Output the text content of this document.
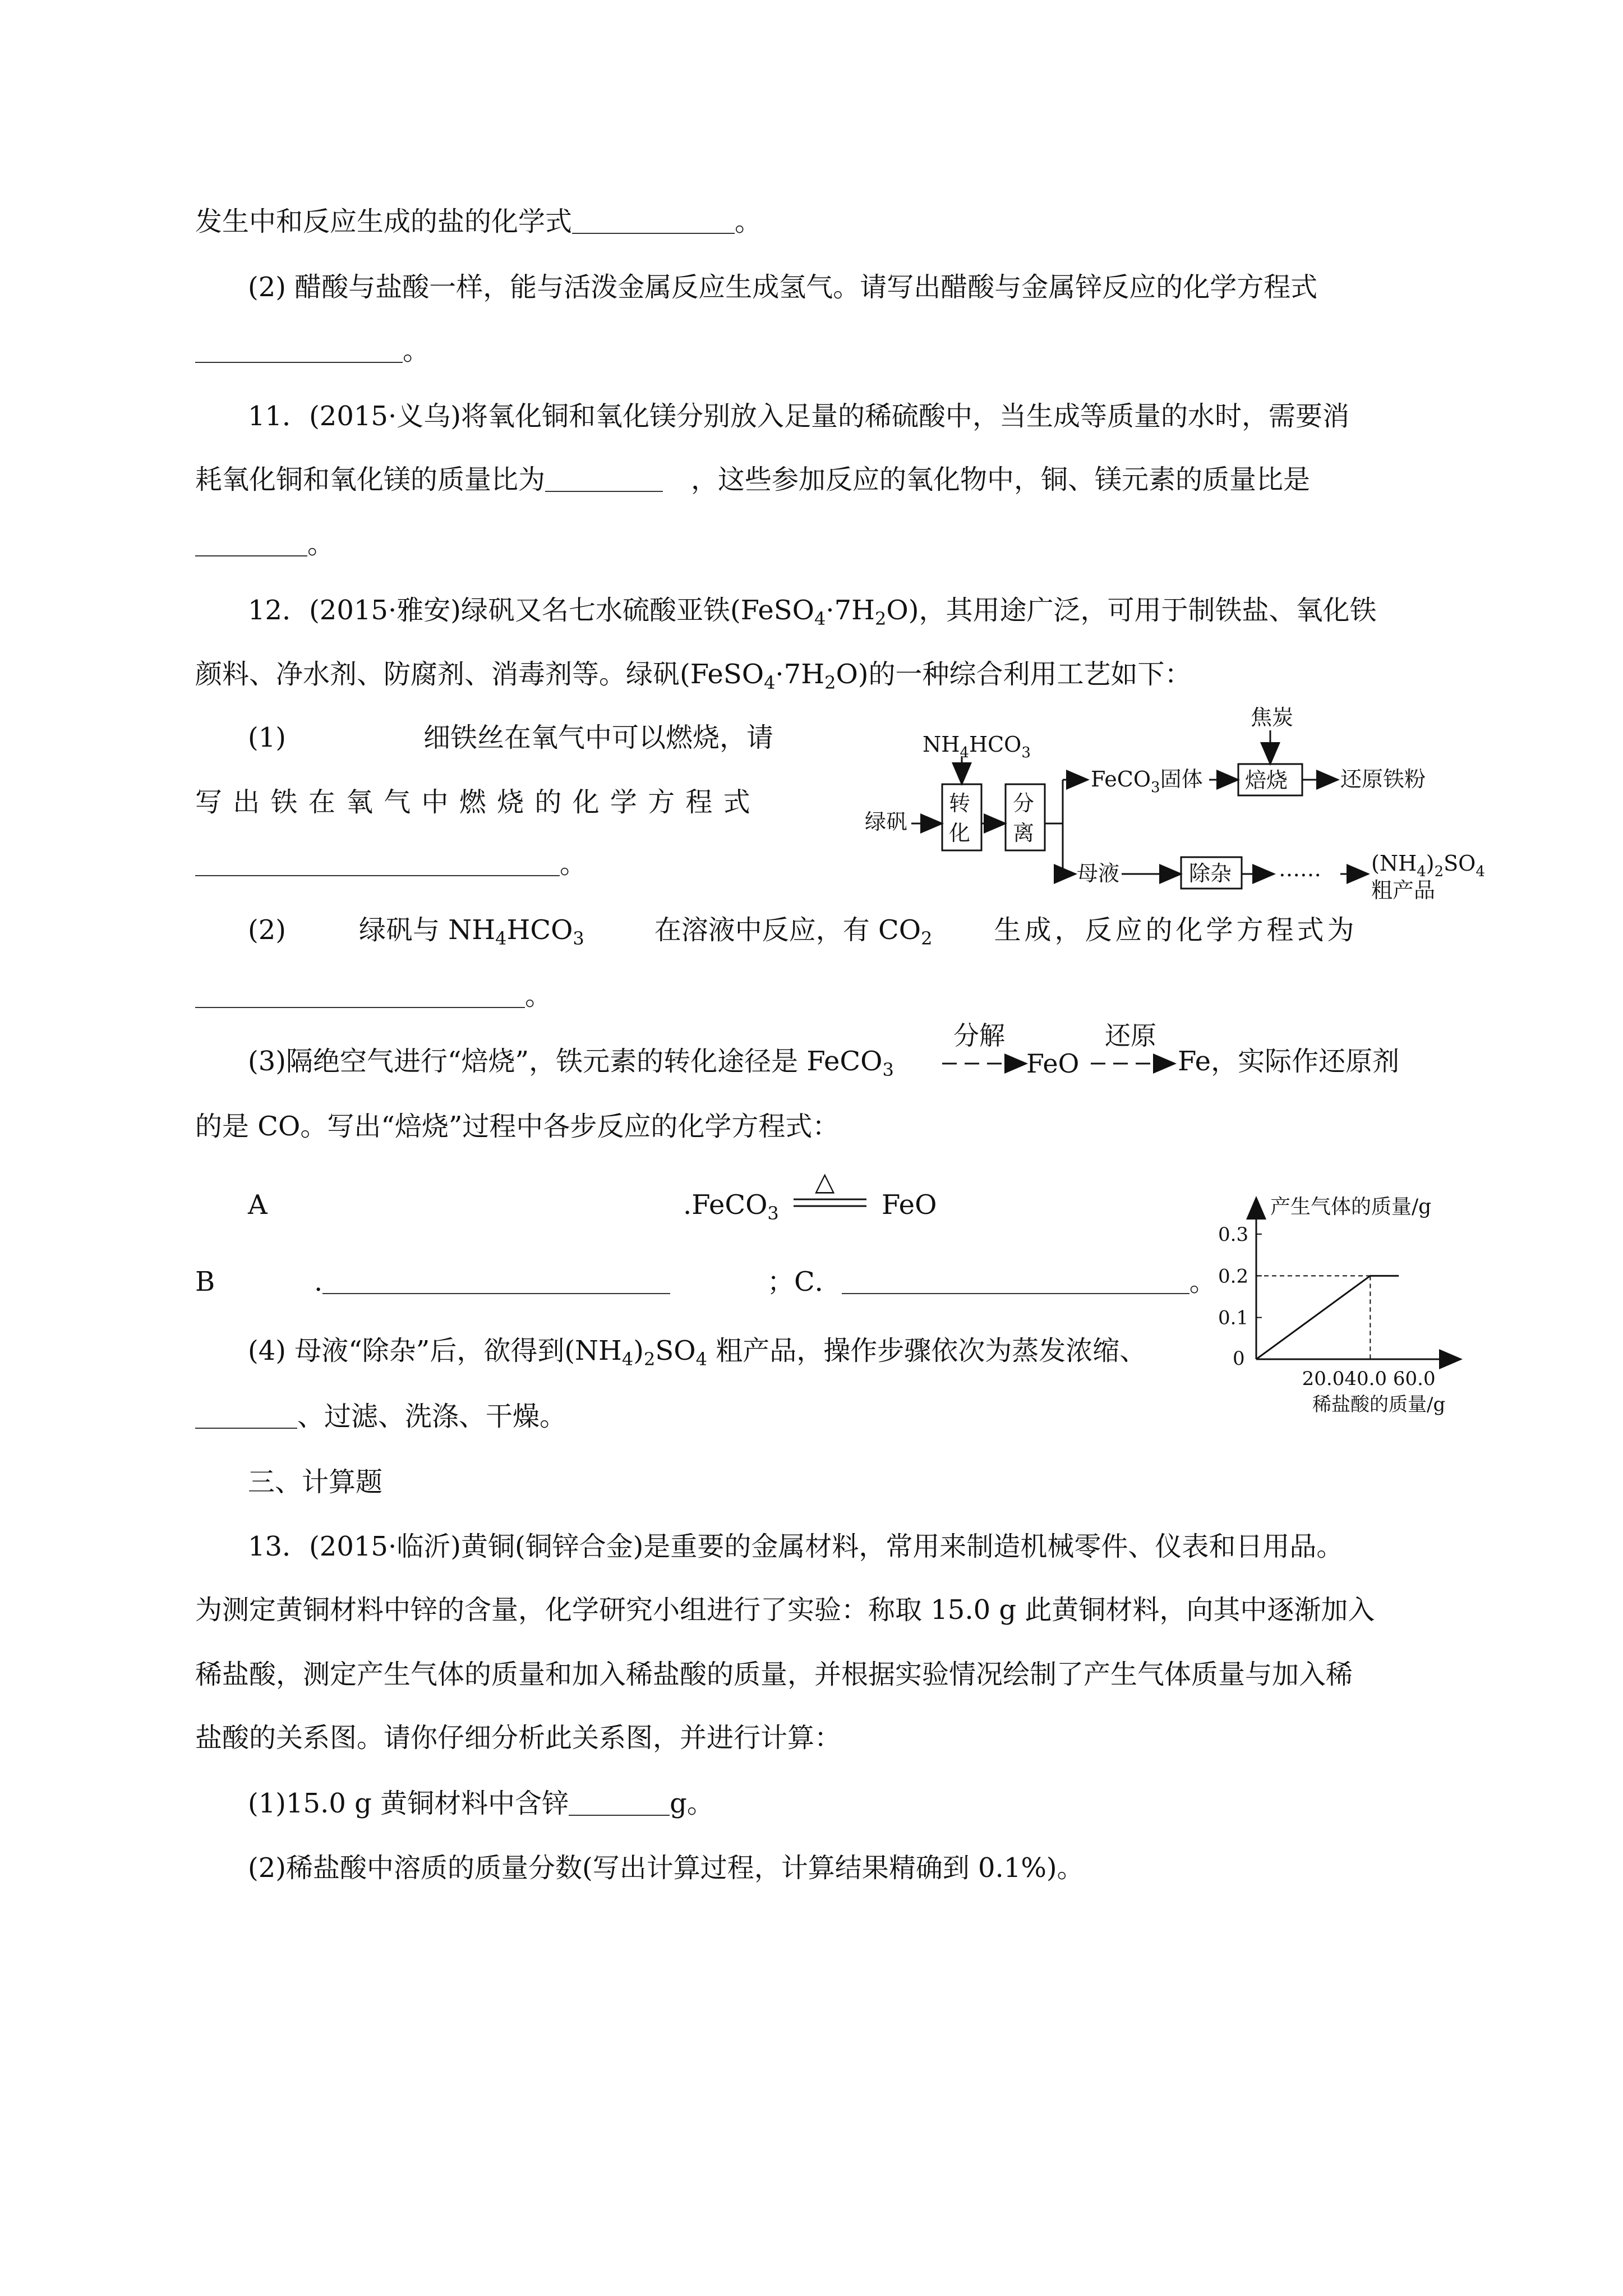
发生中和反应生成的盐的化学式	。
(2) 醋酸与盐酸一样，能与活泼金属反应生成氢气。请写出醋酸与金属锌反应的化学方程式
。
11．(2015·义乌)将氧化铜和氧化镁分别放入足量的稀硫酸中，当生成等质量的水时，需要消
耗氧化铜和氧化镁的质量比为	，这些参加反应的氧化物中，铜、镁元素的质量比是
。
12．(2015·雅安)绿矾又名七水硫酸亚铁$(FeSO_4\cdot 7H_2O)$，其用途广泛，可用于制铁盐、氧化铁
颜料、净水剂、防腐剂、消毒剂等。绿矾$(FeSO_4\cdot 7H_2O)$的一种综合利用工艺如下：
(1)	细铁丝在氧气中可以燃烧，请
写 出 铁 在 氧 气 中 燃 烧 的 化 学 方 程 式
。
$NH_4HCO_3$
焦炭
绿矾
转
化
分
离
FeCO$_3$固体 焙烧 还原铁粉
母液	除杂 …… $(NH_4)_2SO_4$
粗产品
(2)	绿矾与 $NH_4HCO_3$	在溶液中反应，有 $CO_2$ 生成，反应的化学方程式为
。
(3)隔绝空气进行“焙烧”，铁元素的转化途径是 FeCO$_3$
分解
FeO
还原
Fe，实际作还原剂
的是 CO。写出“焙烧”过程中各步反应的化学方程式：
A	.FeCO$_3$
△
FeO
B	.	；C．	。
(4) 母液“除杂”后，欲得到$(NH_4)_2SO_4$ 粗产品，操作步骤依次为蒸发浓缩、
、过滤、洗涤、干燥。
产生气体的质量/g
稀盐酸的质量/g
0
0.1
0.2
0.3
20.040.0 60.0
三、计算题
13．(2015·临沂)黄铜(铜锌合金)是重要的金属材料，常用来制造机械零件、仪表和日用品。
为测定黄铜材料中锌的含量，化学研究小组进行了实验：称取 15.0 g 此黄铜材料，向其中逐渐加入
稀盐酸，测定产生气体的质量和加入稀盐酸的质量，并根据实验情况绘制了产生气体质量与加入稀
盐酸的关系图。请你仔细分析此关系图，并进行计算：
(1)15.0 g 黄铜材料中含锌	g。
(2)稀盐酸中溶质的质量分数(写出计算过程，计算结果精确到 0.1%)。
